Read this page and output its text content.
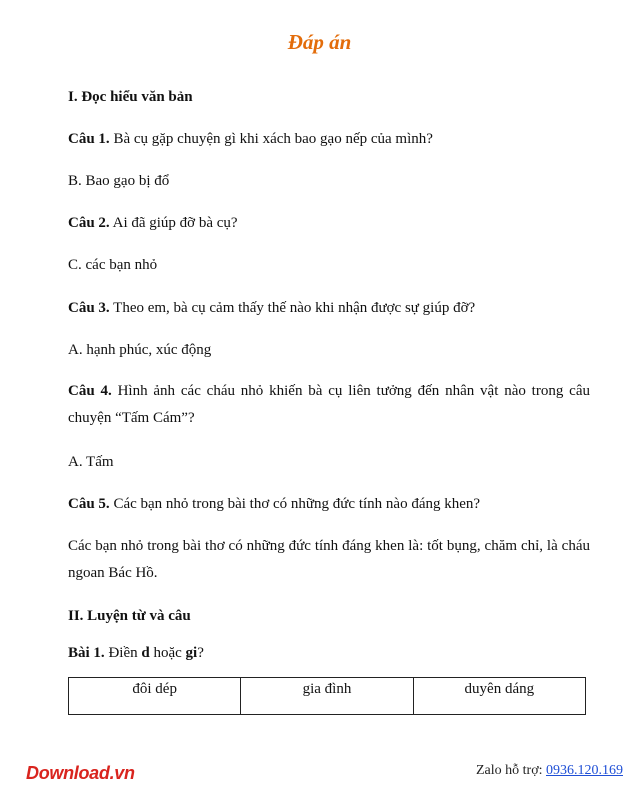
Đáp án
I. Đọc hiểu văn bản
Câu 1. Bà cụ gặp chuyện gì khi xách bao gạo nếp của mình?
B. Bao gạo bị đổ
Câu 2. Ai đã giúp đỡ bà cụ?
C. các bạn nhỏ
Câu 3. Theo em, bà cụ cảm thấy thế nào khi nhận được sự giúp đỡ?
A. hạnh phúc, xúc động
Câu 4. Hình ảnh các cháu nhỏ khiến bà cụ liên tưởng đến nhân vật nào trong câu chuyện “Tấm Cám”?
A. Tấm
Câu 5. Các bạn nhỏ trong bài thơ có những đức tính nào đáng khen?
Các bạn nhỏ trong bài thơ có những đức tính đáng khen là: tốt bụng, chăm chỉ, là cháu ngoan Bác Hồ.
II. Luyện từ và câu
Bài 1. Điền d hoặc gi?
đôi dép	gia đình	duyên dáng
Download.vn	Zalo hỗ trợ: 0936.120.169
